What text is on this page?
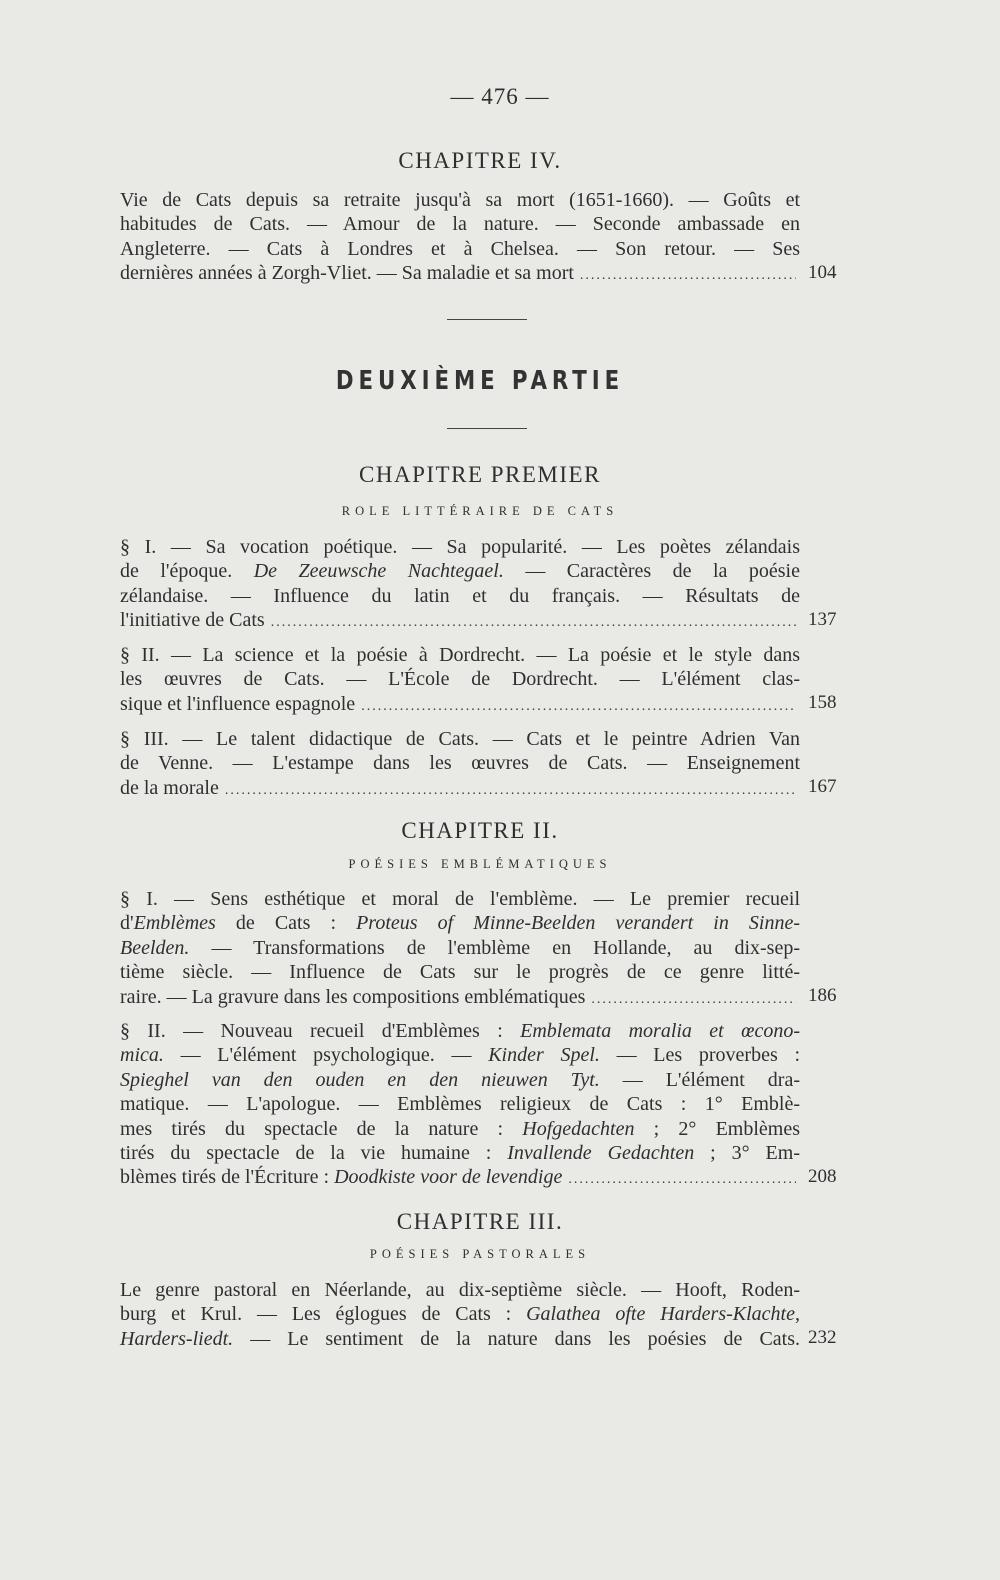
— 476 —
CHAPITRE IV.
Vie de Cats depuis sa retraite jusqu'à sa mort (1651-1660). — Goûts et
habitudes de Cats. — Amour de la nature. — Seconde ambassade en
Angleterre. — Cats à Londres et à Chelsea. — Son retour. — Ses
dernières années à Zorgh-Vliet. — Sa maladie et sa mort .....	104
DEUXIÈME PARTIE
CHAPITRE PREMIER
ROLE LITTÉRAIRE DE CATS
§ I. — Sa vocation poétique. — Sa popularité. — Les poètes zélandais
de l'époque. De Zeeuwsche Nachtegael. — Caractères de la poésie
zélandaise. — Influence du latin et du français. — Résultats de
l'initiative de Cats .....	137
§ II. — La science et la poésie à Dordrecht. — La poésie et le style dans
les œuvres de Cats. — L'École de Dordrecht. — L'élément clas-
sique et l'influence espagnole .....	158
§ III. — Le talent didactique de Cats. — Cats et le peintre Adrien Van
de Venne. — L'estampe dans les œuvres de Cats. — Enseignement
de la morale .....	167
CHAPITRE II.
POÉSIES EMBLÉMATIQUES
§ I. — Sens esthétique et moral de l'emblème. — Le premier recueil
d'Emblèmes de Cats : Proteus of Minne-Beelden verandert in Sinne-
Beelden. — Transformations de l'emblème en Hollande, au dix-sep-
tième siècle. — Influence de Cats sur le progrès de ce genre litté-
raire. — La gravure dans les compositions emblématiques .....	186
§ II. — Nouveau recueil d'Emblèmes : Emblemata moralia et œcono-
mica. — L'élément psychologique. — Kinder Spel. — Les proverbes :
Spieghel van den ouden en den nieuwen Tyt. — L'élément dra-
matique. — L'apologue. — Emblèmes religieux de Cats : 1° Emblè-
mes tirés du spectacle de la nature : Hofgedachten ; 2° Emblèmes
tirés du spectacle de la vie humaine : Invallende Gedachten ; 3° Em-
blèmes tirés de l'Écriture : Doodkiste voor de levendige .....	208
CHAPITRE III.
POÉSIES PASTORALES
Le genre pastoral en Néerlande, au dix-septième siècle. — Hooft, Roden-
burg et Krul. — Les églogues de Cats : Galathea ofte Harders-Klachte,
Harders-liedt. — Le sentiment de la nature dans les poésies de Cats. 232
